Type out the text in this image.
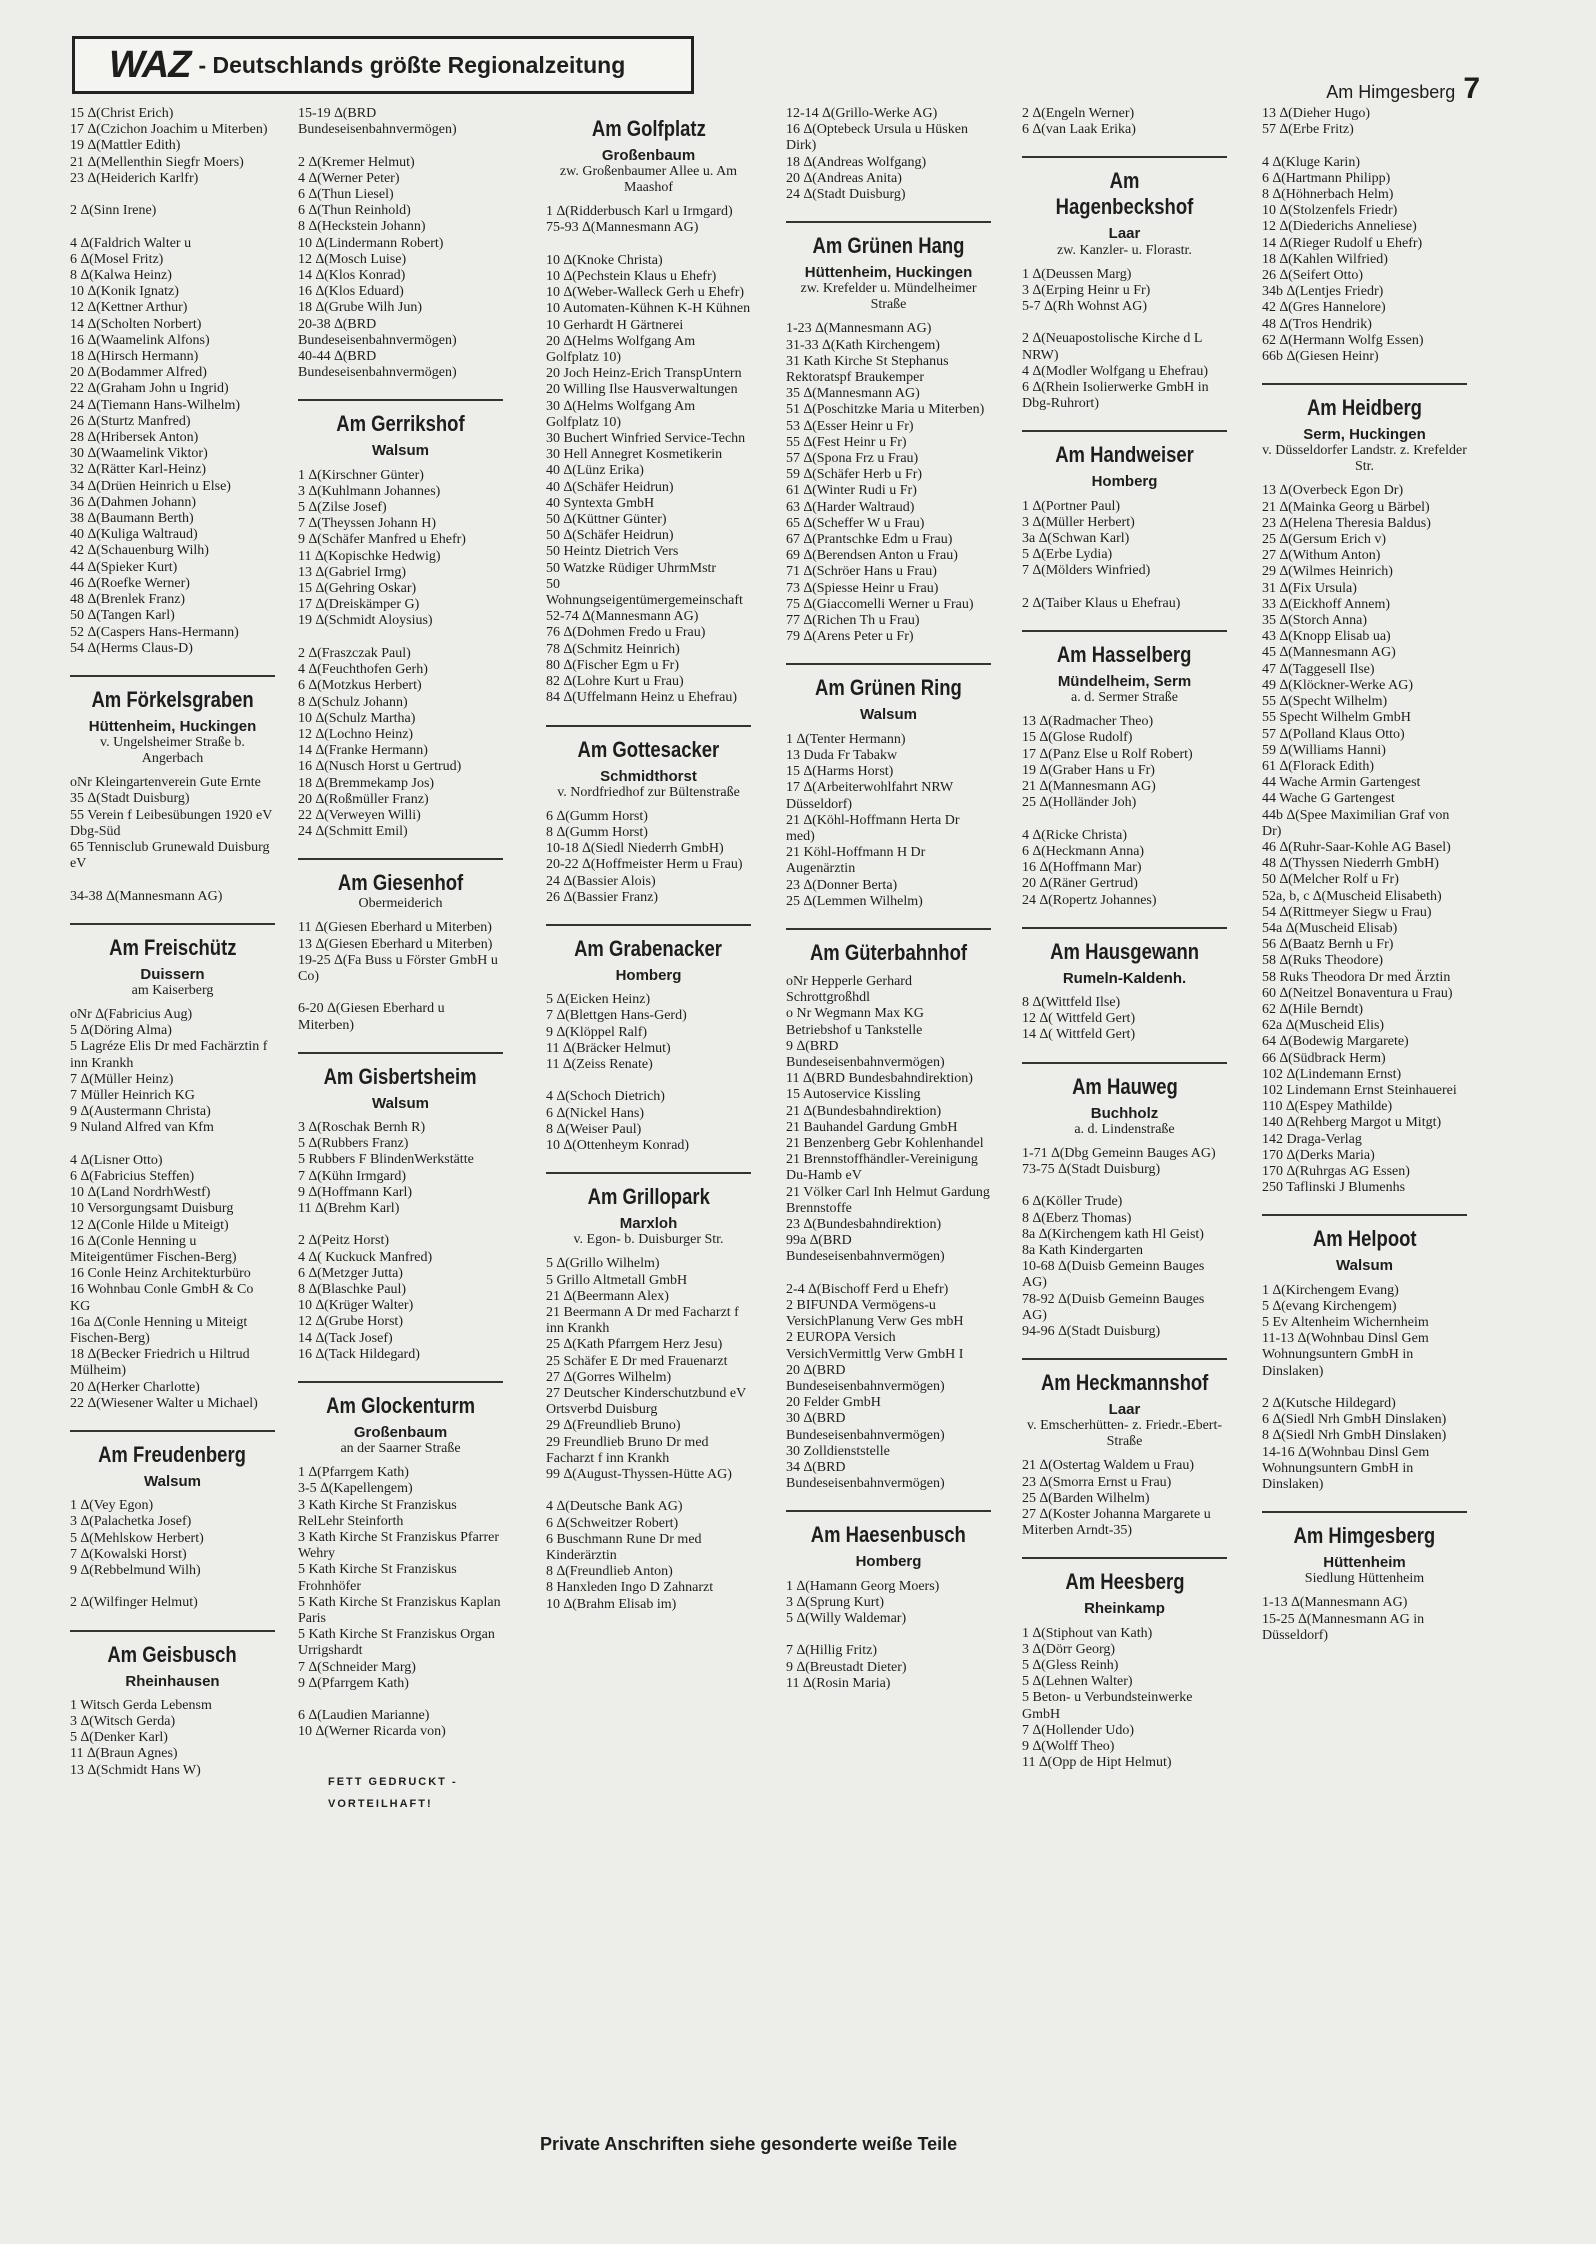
WAZ - Deutschlands größte Regionalzeitung
Am Himgesberg 7
15 ∆(Christ Erich)
17 ∆(Czichon Joachim u Miterben)
19 ∆(Mattler Edith)
21 ∆(Mellenthin Siegfr Moers)
23 ∆(Heiderich Karlfr)

2 ∆(Sinn Irene)

4 ∆(Faldrich Walter u
6 ∆(Mosel Fritz)
8 ∆(Kalwa Heinz)
10 ∆(Konik Ignatz)
12 ∆(Kettner Arthur)
14 ∆(Scholten Norbert)
16 ∆(Waamelink Alfons)
18 ∆(Hirsch Hermann)
20 ∆(Bodammer Alfred)
22 ∆(Graham John u Ingrid)
24 ∆(Tiemann Hans-Wilhelm)
26 ∆(Sturtz Manfred)
28 ∆(Hribersek Anton)
30 ∆(Waamelink Viktor)
32 ∆(Rätter Karl-Heinz)
34 ∆(Drüen Heinrich u Else)
36 ∆(Dahmen Johann)
38 ∆(Baumann Berth)
40 ∆(Kuliga Waltraud)
42 ∆(Schauenburg Wilh)
44 ∆(Spieker Kurt)
46 ∆(Roefke Werner)
48 ∆(Brenlek Franz)
50 ∆(Tangen Karl)
52 ∆(Caspers Hans-Hermann)
54 ∆(Herms Claus-D)
Am Förkelsgraben
Hüttenheim, Huckingen
v. Ungelsheimer Straße b. Angerbach
oNr Kleingartenverein Gute Ernte
35 ∆(Stadt Duisburg)
55 Verein f Leibesübungen 1920 eV Dbg-Süd
65 Tennisclub Grunewald Duisburg eV

34-38 ∆(Mannesmann AG)
Am Freischütz
Duissern
am Kaiserberg
oNr ∆(Fabricius Aug)
5 ∆(Döring Alma)
5 Lagréze Elis Dr med Fachärztin f inn Krankh
7 ∆(Müller Heinz)
7 Müller Heinrich KG
9 ∆(Austermann Christa)
9 Nuland Alfred van Kfm

4 ∆(Lisner Otto)
6 ∆(Fabricius Steffen)
10 ∆(Land NordrhWestf)
10 Versorgungsamt Duisburg
12 ∆(Conle Hilde u Miteigt)
16 ∆(Conle Henning u Miteigentümer Fischen-Berg)
16 Conle Heinz Architekturbüro
16 Wohnbau Conle GmbH & Co KG
16a ∆(Conle Henning u Miteigt Fischen-Berg)
18 ∆(Becker Friedrich u Hiltrud Mülheim)
20 ∆(Herker Charlotte)
22 ∆(Wiesener Walter u Michael)
Am Freudenberg
Walsum
1 ∆(Vey Egon)
3 ∆(Palachetka Josef)
5 ∆(Mehlskow Herbert)
7 ∆(Kowalski Horst)
9 ∆(Rebbelmund Wilh)

2 ∆(Wilfinger Helmut)
Am Geisbusch
Rheinhausen
1 Witsch Gerda Lebensm
3 ∆(Witsch Gerda)
5 ∆(Denker Karl)
11 ∆(Braun Agnes)
13 ∆(Schmidt Hans W)
15-19 ∆(BRD Bundeseisenbahnvermögen)

2 ∆(Kremer Helmut)
4 ∆(Werner Peter)
6 ∆(Thun Liesel)
6 ∆(Thun Reinhold)
8 ∆(Heckstein Johann)
10 ∆(Lindermann Robert)
12 ∆(Mosch Luise)
14 ∆(Klos Konrad)
16 ∆(Klos Eduard)
18 ∆(Grube Wilh Jun)
20-38 ∆(BRD Bundeseisenbahnvermögen)
40-44 ∆(BRD Bundeseisenbahnvermögen)
Am Gerrikshof
Walsum
1 ∆(Kirschner Günter)
3 ∆(Kuhlmann Johannes)
5 ∆(Zilse Josef)
7 ∆(Theyssen Johann H)
9 ∆(Schäfer Manfred u Ehefr)
11 ∆(Kopischke Hedwig)
13 ∆(Gabriel Irmg)
15 ∆(Gehring Oskar)
17 ∆(Dreiskämper G)
19 ∆(Schmidt Aloysius)

2 ∆(Fraszczak Paul)
4 ∆(Feuchthofen Gerh)
6 ∆(Motzkus Herbert)
8 ∆(Schulz Johann)
10 ∆(Schulz Martha)
12 ∆(Lochno Heinz)
14 ∆(Franke Hermann)
16 ∆(Nusch Horst u Gertrud)
18 ∆(Bremmekamp Jos)
20 ∆(Roßmüller Franz)
22 ∆(Verweyen Willi)
24 ∆(Schmitt Emil)
Am Giesenhof
Obermeiderich
11 ∆(Giesen Eberhard u Miterben)
13 ∆(Giesen Eberhard u Miterben)
19-25 ∆(Fa Buss u Förster GmbH u Co)

6-20 ∆(Giesen Eberhard u Miterben)
Am Gisbertsheim
Walsum
3 ∆(Roschak Bernh R)
5 ∆(Rubbers Franz)
5 Rubbers F BlindenWerkstätte
7 ∆(Kühn Irmgard)
9 ∆(Hoffmann Karl)
11 ∆(Brehm Karl)

2 ∆(Peitz Horst)
4 ∆( Kuckuck Manfred)
6 ∆(Metzger Jutta)
8 ∆(Blaschke Paul)
10 ∆(Krüger Walter)
12 ∆(Grube Horst)
14 ∆(Tack Josef)
16 ∆(Tack Hildegard)
Am Glockenturm
Großenbaum
an der Saarner Straße
1 ∆(Pfarrgem Kath)
3-5 ∆(Kapellengem)
3 Kath Kirche St Franziskus RelLehr Steinforth
3 Kath Kirche St Franziskus Pfarrer Wehry
5 Kath Kirche St Franziskus Frohnhöfer
5 Kath Kirche St Franziskus Kaplan Paris
5 Kath Kirche St Franziskus Organ Urrigshardt
7 ∆(Schneider Marg)
9 ∆(Pfarrgem Kath)

6 ∆(Laudien Marianne)
10 ∆(Werner Ricarda von)
FETT GEDRUCKT - VORTEILHAFT!
Am Golfplatz
Großenbaum
zw. Großenbaumer Allee u. Am Maashof
1 ∆(Ridderbusch Karl u Irmgard)
75-93 ∆(Mannesmann AG)

10 ∆(Knoke Christa)
10 ∆(Pechstein Klaus u Ehefr)
10 ∆(Weber-Walleck Gerh u Ehefr)
10 Automaten-Kühnen K-H Kühnen
10 Gerhardt H Gärtnerei
20 ∆(Helms Wolfgang Am Golfplatz 10)
20 Joch Heinz-Erich TranspUntern
20 Willing Ilse Hausverwaltungen
30 ∆(Helms Wolfgang Am Golfplatz 10)
30 Buchert Winfried Service-Techn
30 Hell Annegret Kosmetikerin
40 ∆(Lünz Erika)
40 ∆(Schäfer Heidrun)
40 Syntexta GmbH
50 ∆(Küttner Günter)
50 ∆(Schäfer Heidrun)
50 Heintz Dietrich Vers
50 Watzke Rüdiger UhrmMstr
50 Wohnungseigentümergemeinschaft
52-74 ∆(Mannesmann AG)
76 ∆(Dohmen Fredo u Frau)
78 ∆(Schmitz Heinrich)
80 ∆(Fischer Egm u Fr)
82 ∆(Lohre Kurt u Frau)
84 ∆(Uffelmann Heinz u Ehefrau)
Am Gottesacker
Schmidthorst
v. Nordfriedhof zur Bültenstraße
6 ∆(Gumm Horst)
8 ∆(Gumm Horst)
10-18 ∆(Siedl Niederrh GmbH)
20-22 ∆(Hoffmeister Herm u Frau)
24 ∆(Bassier Alois)
26 ∆(Bassier Franz)
Am Grabenacker
Homberg
5 ∆(Eicken Heinz)
7 ∆(Blettgen Hans-Gerd)
9 ∆(Klöppel Ralf)
11 ∆(Bräcker Helmut)
11 ∆(Zeiss Renate)

4 ∆(Schoch Dietrich)
6 ∆(Nickel Hans)
8 ∆(Weiser Paul)
10 ∆(Ottenheym Konrad)
Am Grillopark
Marxloh
v. Egon- b. Duisburger Str.
5 ∆(Grillo Wilhelm)
5 Grillo Altmetall GmbH
21 ∆(Beermann Alex)
21 Beermann A Dr med Facharzt f inn Krankh
25 ∆(Kath Pfarrgem Herz Jesu)
25 Schäfer E Dr med Frauenarzt
27 ∆(Gorres Wilhelm)
27 Deutscher Kinderschutzbund eV Ortsverbd Duisburg
29 ∆(Freundlieb Bruno)
29 Freundlieb Bruno Dr med Facharzt f inn Krankh
99 ∆(August-Thyssen-Hütte AG)

4 ∆(Deutsche Bank AG)
6 ∆(Schweitzer Robert)
6 Buschmann Rune Dr med Kinderärztin
8 ∆(Freundlieb Anton)
8 Hanxleden Ingo D Zahnarzt
10 ∆(Brahm Elisab im)
12-14 ∆(Grillo-Werke AG)
16 ∆(Optebeck Ursula u Hüsken Dirk)
18 ∆(Andreas Wolfgang)
20 ∆(Andreas Anita)
24 ∆(Stadt Duisburg)
Am Grünen Hang
Hüttenheim, Huckingen
zw. Krefelder u. Mündelheimer Straße
1-23 ∆(Mannesmann AG)
31-33 ∆(Kath Kirchengem)
31 Kath Kirche St Stephanus Rektoratspf Braukemper
35 ∆(Mannesmann AG)
51 ∆(Poschitzke Maria u Miterben)
53 ∆(Esser Heinr u Fr)
55 ∆(Fest Heinr u Fr)
57 ∆(Spona Frz u Frau)
59 ∆(Schäfer Herb u Fr)
61 ∆(Winter Rudi u Fr)
63 ∆(Harder Waltraud)
65 ∆(Scheffer W u Frau)
67 ∆(Prantschke Edm u Frau)
69 ∆(Berendsen Anton u Frau)
71 ∆(Schröer Hans u Frau)
73 ∆(Spiesse Heinr u Frau)
75 ∆(Giaccomelli Werner u Frau)
77 ∆(Richen Th u Frau)
79 ∆(Arens Peter u Fr)
Am Grünen Ring
Walsum
1 ∆(Tenter Hermann)
13 Duda Fr Tabakw
15 ∆(Harms Horst)
17 ∆(Arbeiterwohlfahrt NRW Düsseldorf)
21 ∆(Köhl-Hoffmann Herta Dr med)
21 Köhl-Hoffmann H Dr Augenärztin
23 ∆(Donner Berta)
25 ∆(Lemmen Wilhelm)
Am Güterbahnhof
oNr Hepperle Gerhard Schrottgroßhdl
o Nr Wegmann Max KG Betriebshof u Tankstelle
9 ∆(BRD Bundeseisenbahnvermögen)
11 ∆(BRD Bundesbahndirektion)
15 Autoservice Kissling
21 ∆(Bundesbahndirektion)
21 Bauhandel Gardung GmbH
21 Benzenberg Gebr Kohlenhandel
21 Brennstoffhändler-Vereinigung Du-Hamb eV
21 Völker Carl Inh Helmut Gardung Brennstoffe
23 ∆(Bundesbahndirektion)
99a ∆(BRD Bundeseisenbahnvermögen)

2-4 ∆(Bischoff Ferd u Ehefr)
2 BIFUNDA Vermögens-u VersichPlanung Verw Ges mbH
2 EUROPA Versich VersichVermittlg Verw GmbH I
20 ∆(BRD Bundeseisenbahnvermögen)
20 Felder GmbH
30 ∆(BRD Bundeseisenbahnvermögen)
30 Zolldienststelle
34 ∆(BRD Bundeseisenbahnvermögen)
Am Haesenbusch
Homberg
1 ∆(Hamann Georg Moers)
3 ∆(Sprung Kurt)
5 ∆(Willy Waldemar)

7 ∆(Hillig Fritz)
9 ∆(Breustadt Dieter)
11 ∆(Rosin Maria)
2 ∆(Engeln Werner)
6 ∆(van Laak Erika)
Am Hagenbeckshof
Laar
zw. Kanzler- u. Florastr.
1 ∆(Deussen Marg)
3 ∆(Erping Heinr u Fr)
5-7 ∆(Rh Wohnst AG)

2 ∆(Neuapostolische Kirche d L NRW)
4 ∆(Modler Wolfgang u Ehefrau)
6 ∆(Rhein Isolierwerke GmbH in Dbg-Ruhrort)
Am Handweiser
Homberg
1 ∆(Portner Paul)
3 ∆(Müller Herbert)
3a ∆(Schwan Karl)
5 ∆(Erbe Lydia)
7 ∆(Mölders Winfried)

2 ∆(Taiber Klaus u Ehefrau)
Am Hasselberg
Mündelheim, Serm
a. d. Sermer Straße
13 ∆(Radmacher Theo)
15 ∆(Glose Rudolf)
17 ∆(Panz Else u Rolf Robert)
19 ∆(Graber Hans u Fr)
21 ∆(Mannesmann AG)
25 ∆(Holländer Joh)

4 ∆(Ricke Christa)
6 ∆(Heckmann Anna)
16 ∆(Hoffmann Mar)
20 ∆(Räner Gertrud)
24 ∆(Ropertz Johannes)
Am Hausgewann
Rumeln-Kaldenh.
8 ∆(Wittfeld Ilse)
12 ∆( Wittfeld Gert)
14 ∆( Wittfeld Gert)
Am Hauweg
Buchholz
a. d. Lindenstraße
1-71 ∆(Dbg Gemeinn Bauges AG)
73-75 ∆(Stadt Duisburg)

6 ∆(Köller Trude)
8 ∆(Eberz Thomas)
8a ∆(Kirchengem kath Hl Geist)
8a Kath Kindergarten
10-68 ∆(Duisb Gemeinn Bauges AG)
78-92 ∆(Duisb Gemeinn Bauges AG)
94-96 ∆(Stadt Duisburg)
Am Heckmannshof
Laar
v. Emscherhütten- z. Friedr.-Ebert-Straße
21 ∆(Ostertag Waldem u Frau)
23 ∆(Smorra Ernst u Frau)
25 ∆(Barden Wilhelm)
27 ∆(Koster Johanna Margarete u Miterben Arndt-35)
Am Heesberg
Rheinkamp
1 ∆(Stiphout van Kath)
3 ∆(Dörr Georg)
5 ∆(Gless Reinh)
5 ∆(Lehnen Walter)
5 Beton- u Verbundsteinwerke GmbH
7 ∆(Hollender Udo)
9 ∆(Wolff Theo)
11 ∆(Opp de Hipt Helmut)
13 ∆(Dieher Hugo)
57 ∆(Erbe Fritz)

4 ∆(Kluge Karin)
6 ∆(Hartmann Philipp)
8 ∆(Höhnerbach Helm)
10 ∆(Stolzenfels Friedr)
12 ∆(Diederichs Anneliese)
14 ∆(Rieger Rudolf u Ehefr)
18 ∆(Kahlen Wilfried)
26 ∆(Seifert Otto)
34b ∆(Lentjes Friedr)
42 ∆(Gres Hannelore)
48 ∆(Tros Hendrik)
62 ∆(Hermann Wolfg Essen)
66b ∆(Giesen Heinr)
Am Heidberg
Serm, Huckingen
v. Düsseldorfer Landstr. z. Krefelder Str.
13 ∆(Overbeck Egon Dr)
21 ∆(Mainka Georg u Bärbel)
23 ∆(Helena Theresia Baldus)
25 ∆(Gersum Erich v)
27 ∆(Withum Anton)
29 ∆(Wilmes Heinrich)
31 ∆(Fix Ursula)
33 ∆(Eickhoff Annem)
35 ∆(Storch Anna)
43 ∆(Knopp Elisab ua)
45 ∆(Mannesmann AG)
47 ∆(Taggesell Ilse)
49 ∆(Klöckner-Werke AG)
55 ∆(Specht Wilhelm)
55 Specht Wilhelm GmbH
57 ∆(Polland Klaus Otto)
59 ∆(Williams Hanni)
61 ∆(Florack Edith)
44 Wache Armin Gartengest
44 Wache G Gartengest
44b ∆(Spee Maximilian Graf von Dr)
46 ∆(Ruhr-Saar-Kohle AG Basel)
48 ∆(Thyssen Niederrh GmbH)
50 ∆(Melcher Rolf u Fr)
52a, b, c ∆(Muscheid Elisabeth)
54 ∆(Rittmeyer Siegw u Frau)
54a ∆(Muscheid Elisab)
56 ∆(Baatz Bernh u Fr)
58 ∆(Ruks Theodore)
58 Ruks Theodora Dr med Ärztin
60 ∆(Neitzel Bonaventura u Frau)
62 ∆(Hile Berndt)
62a ∆(Muscheid Elis)
64 ∆(Bodewig Margarete)
66 ∆(Südbrack Herm)
102 ∆(Lindemann Ernst)
102 Lindemann Ernst Steinhauerei
110 ∆(Espey Mathilde)
140 ∆(Rehberg Margot u Mitgt)
142 Draga-Verlag
170 ∆(Derks Maria)
170 ∆(Ruhrgas AG Essen)
250 Taflinski J Blumenhs
Am Helpoot
Walsum
1 ∆(Kirchengem Evang)
5 ∆(evang Kirchengem)
5 Ev Altenheim Wichernheim
11-13 ∆(Wohnbau Dinsl Gem Wohnungsuntern GmbH in Dinslaken)

2 ∆(Kutsche Hildegard)
6 ∆(Siedl Nrh GmbH Dinslaken)
8 ∆(Siedl Nrh GmbH Dinslaken)
14-16 ∆(Wohnbau Dinsl Gem Wohnungsuntern GmbH in Dinslaken)
Am Himgesberg
Hüttenheim
Siedlung Hüttenheim
1-13 ∆(Mannesmann AG)
15-25 ∆(Mannesmann AG in Düsseldorf)
Private Anschriften siehe gesonderte weiße Teile
